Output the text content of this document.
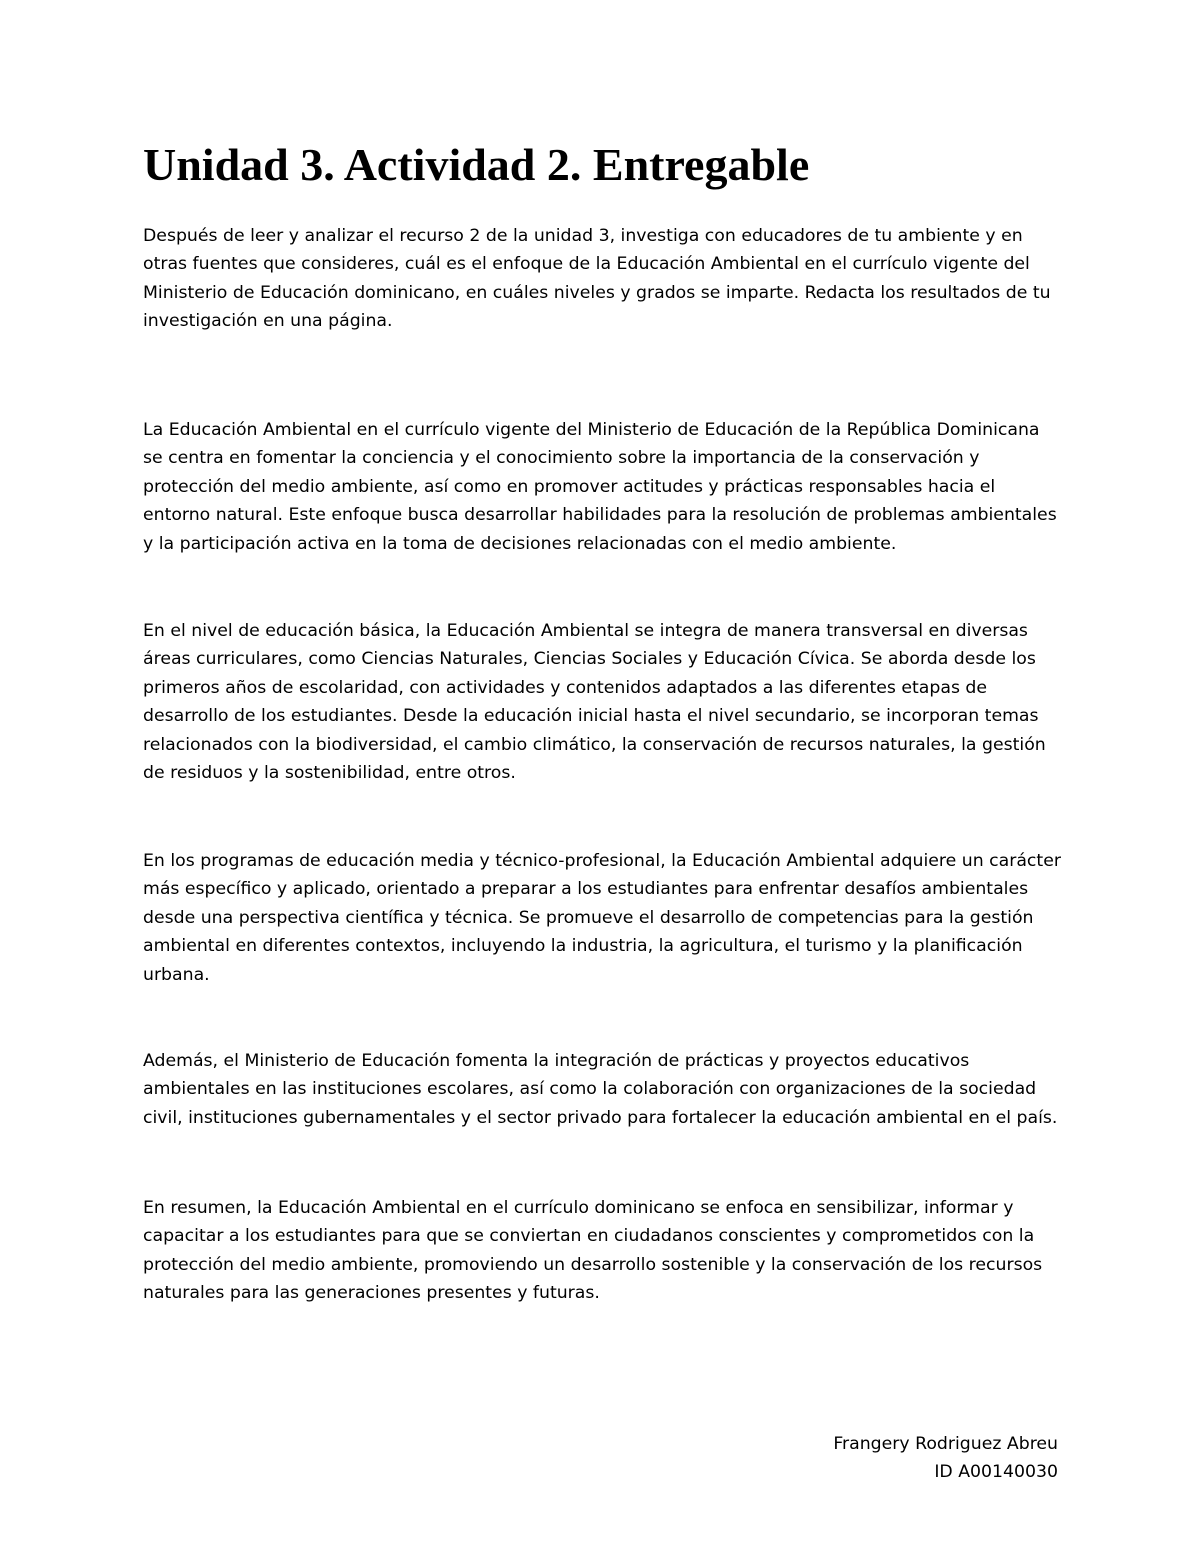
Unidad 3. Actividad 2. Entregable

Después de leer y analizar el recurso 2 de la unidad 3, investiga con educadores de tu ambiente y en otras fuentes que consideres, cuál es el enfoque de la Educación Ambiental en el currículo vigente del Ministerio de Educación dominicano, en cuáles niveles y grados se imparte. Redacta los resultados de tu investigación en una página.

La Educación Ambiental en el currículo vigente del Ministerio de Educación de la República Dominicana se centra en fomentar la conciencia y el conocimiento sobre la importancia de la conservación y protección del medio ambiente, así como en promover actitudes y prácticas responsables hacia el entorno natural. Este enfoque busca desarrollar habilidades para la resolución de problemas ambientales y la participación activa en la toma de decisiones relacionadas con el medio ambiente.

En el nivel de educación básica, la Educación Ambiental se integra de manera transversal en diversas áreas curriculares, como Ciencias Naturales, Ciencias Sociales y Educación Cívica. Se aborda desde los primeros años de escolaridad, con actividades y contenidos adaptados a las diferentes etapas de desarrollo de los estudiantes. Desde la educación inicial hasta el nivel secundario, se incorporan temas relacionados con la biodiversidad, el cambio climático, la conservación de recursos naturales, la gestión de residuos y la sostenibilidad, entre otros.

En los programas de educación media y técnico-profesional, la Educación Ambiental adquiere un carácter más específico y aplicado, orientado a preparar a los estudiantes para enfrentar desafíos ambientales desde una perspectiva científica y técnica. Se promueve el desarrollo de competencias para la gestión ambiental en diferentes contextos, incluyendo la industria, la agricultura, el turismo y la planificación urbana.

Además, el Ministerio de Educación fomenta la integración de prácticas y proyectos educativos ambientales en las instituciones escolares, así como la colaboración con organizaciones de la sociedad civil, instituciones gubernamentales y el sector privado para fortalecer la educación ambiental en el país.

En resumen, la Educación Ambiental en el currículo dominicano se enfoca en sensibilizar, informar y capacitar a los estudiantes para que se conviertan en ciudadanos conscientes y comprometidos con la protección del medio ambiente, promoviendo un desarrollo sostenible y la conservación de los recursos naturales para las generaciones presentes y futuras.

Frangery Rodriguez Abreu
ID A00140030
